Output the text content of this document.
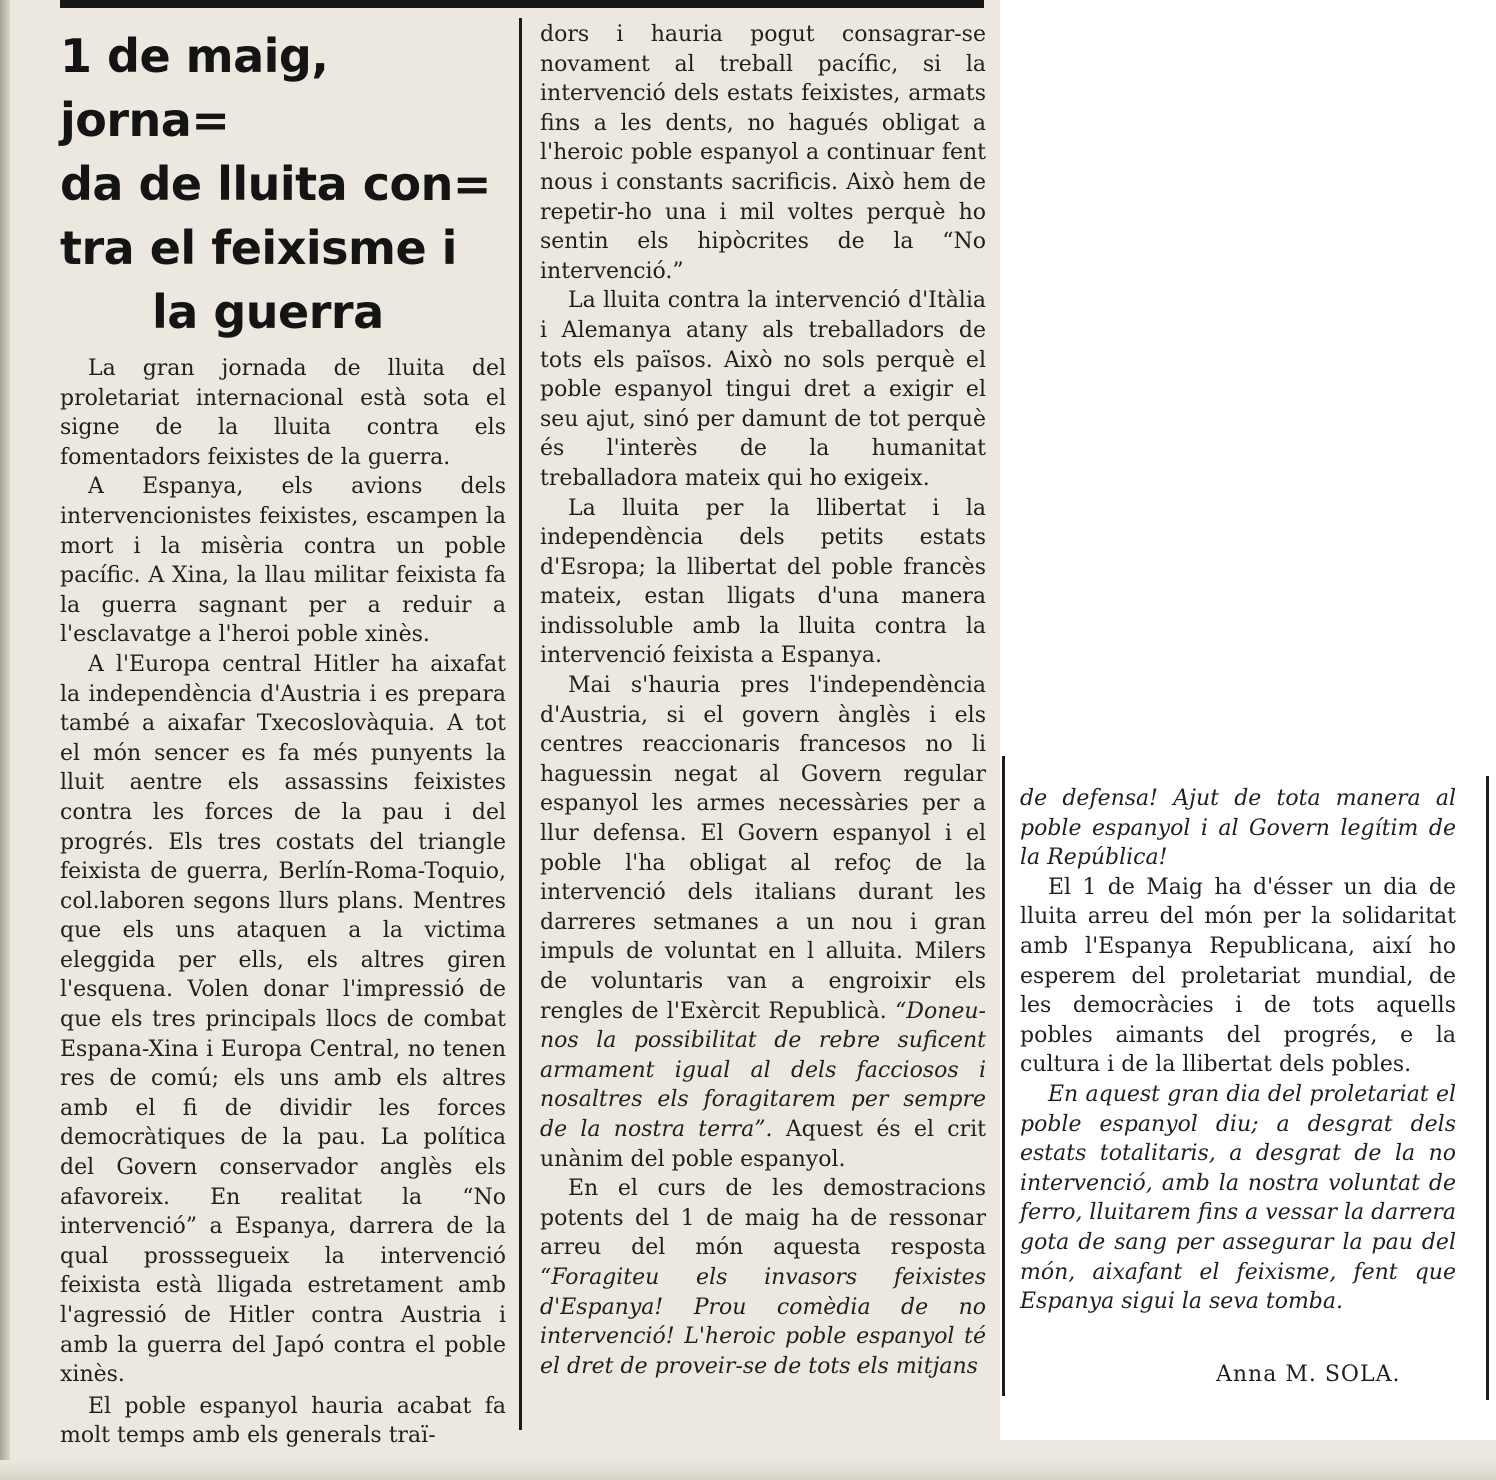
1 de maig, jorna=
da de lluita con=
tra el feixisme i
la guerra

La gran jornada de lluita del proletariat internacional està sota el signe de la lluita contra els fomentadors feixistes de la guerra.

A Espanya, els avions dels intervencionistes feixistes, escampen la mort i la misèria contra un poble pacífic. A Xina, la llau militar feixista fa la guerra sagnant per a reduir a l'esclavatge a l'heroi poble xinès.

A l'Europa central Hitler ha aixafat la independència d'Austria i es prepara també a aixafar Txecoslovàquia. A tot el món sencer es fa més punyents la lluit aentre els assassins feixistes contra les forces de la pau i del progrés. Els tres costats del triangle feixista de guerra, Berlín-Roma-Toquio, col.laboren segons llurs plans. Mentres que els uns ataquen a la victima eleggida per ells, els altres giren l'esquena. Volen donar l'impressió de que els tres principals llocs de combat Espana-Xina i Europa Central, no tenen res de comú; els uns amb els altres amb el fi de dividir les forces democràtiques de la pau. La política del Govern conservador anglès els afavoreix. En realitat la “No intervenció” a Espanya, darrera de la qual prosssegueix la intervenció feixista està lligada estretament amb l'agressió de Hitler contra Austria i amb la guerra del Japó contra el poble xinès.

El poble espanyol hauria acabat fa molt temps amb els generals traï-

dors i hauria pogut consagrar-se novament al treball pacífic, si la intervenció dels estats feixistes, armats fins a les dents, no hagués obligat a l'heroic poble espanyol a continuar fent nous i constants sacrificis. Això hem de repetir-ho una i mil voltes perquè ho sentin els hipòcrites de la “No intervenció.”

La lluita contra la intervenció d'Itàlia i Alemanya atany als treballadors de tots els països. Això no sols perquè el poble espanyol tingui dret a exigir el seu ajut, sinó per damunt de tot perquè és l'interès de la humanitat treballadora mateix qui ho exigeix.

La lluita per la llibertat i la independència dels petits estats d'Esropa; la llibertat del poble francès mateix, estan lligats d'una manera indissoluble amb la lluita contra la intervenció feixista a Espanya.

Mai s'hauria pres l'independència d'Austria, si el govern ànglès i els centres reaccionaris francesos no li haguessin negat al Govern regular espanyol les armes necessàries per a llur defensa. El Govern espanyol i el poble l'ha obligat al refoç de la intervenció dels italians durant les darreres setmanes a un nou i gran impuls de voluntat en l alluita. Milers de voluntaris van a engroixir els rengles de l'Exèrcit Republicà. “Doneu-nos la possibilitat de rebre suficent armament igual al dels facciosos i nosaltres els foragitarem per sempre de la nostra terra”. Aquest és el crit unànim del poble espanyol.

En el curs de les demostracions potents del 1 de maig ha de ressonar arreu del món aquesta resposta “Foragiteu els invasors feixistes d'Espanya! Prou comèdia de no intervenció! L'heroic poble espanyol té el dret de proveir-se de tots els mitjans

de defensa! Ajut de tota manera al poble espanyol i al Govern legítim de la República!

El 1 de Maig ha d'ésser un dia de lluita arreu del món per la solidaritat amb l'Espanya Republicana, així ho esperem del proletariat mundial, de les democràcies i de tots aquells pobles aimants del progrés, e la cultura i de la llibertat dels pobles.

En aquest gran dia del proletariat el poble espanyol diu; a desgrat dels estats totalitaris, a desgrat de la no intervenció, amb la nostra voluntat de ferro, lluitarem fins a vessar la darrera gota de sang per assegurar la pau del món, aixafant el feixisme, fent que Espanya sigui la seva tomba.

Anna M. SOLA.
